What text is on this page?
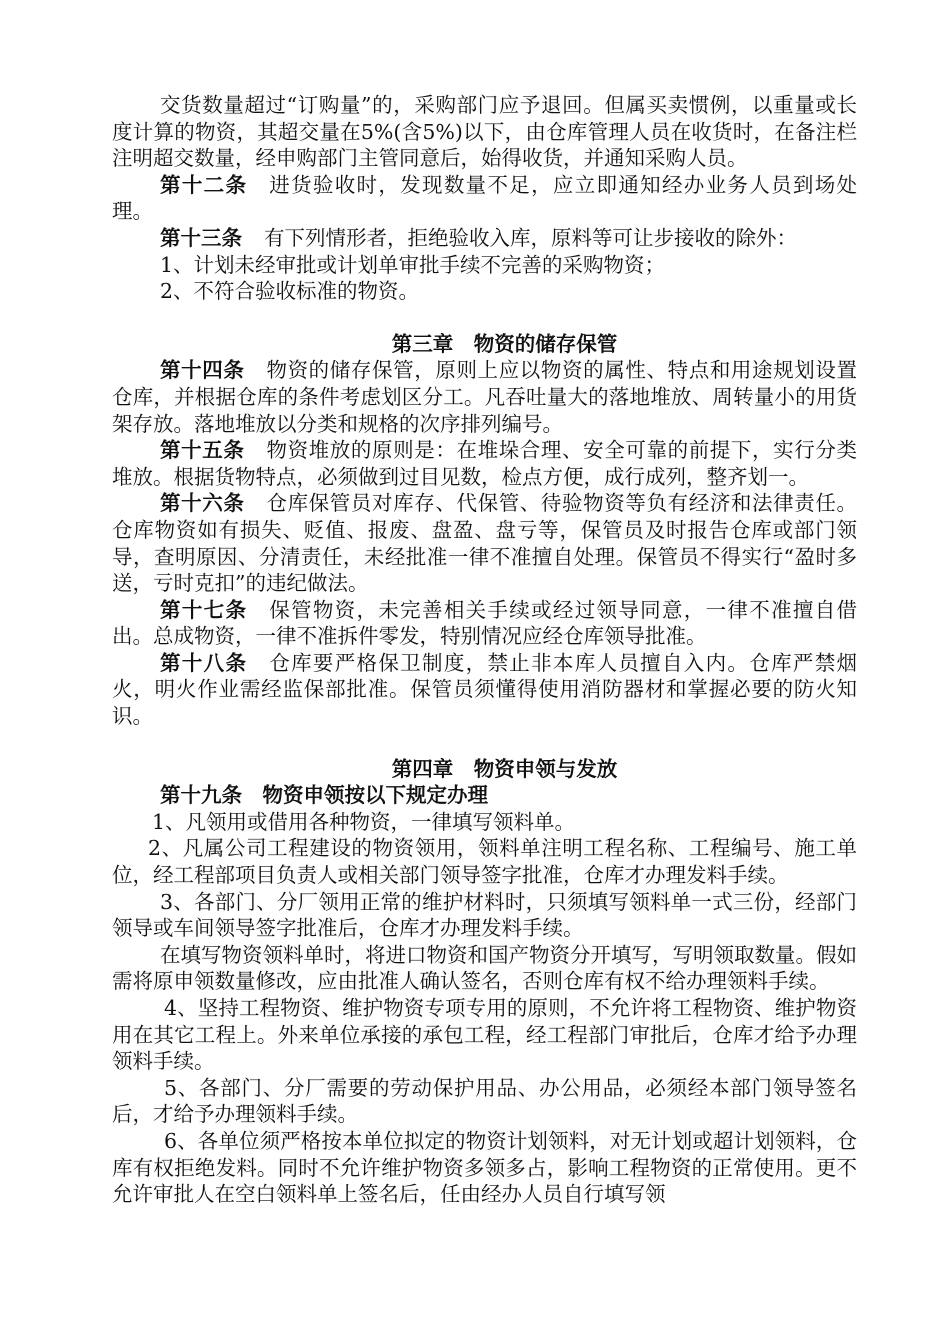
交货数量超过“订购量”的，采购部门应予退回。但属买卖惯例，以重量或长度计算的物资，其超交量在5%(含5%)以下，由仓库管理人员在收货时，在备注栏注明超交数量，经申购部门主管同意后，始得收货，并通知采购人员。

第十二条 进货验收时，发现数量不足，应立即通知经办业务人员到场处理。

第十三条 有下列情形者，拒绝验收入库，原料等可让步接收的除外：

1、计划未经审批或计划单审批手续不完善的采购物资；

2、不符合验收标准的物资。

第三章　物资的储存保管

第十四条 物资的储存保管，原则上应以物资的属性、特点和用途规划设置仓库，并根据仓库的条件考虑划区分工。凡吞吐量大的落地堆放、周转量小的用货架存放。落地堆放以分类和规格的次序排列编号。

第十五条 物资堆放的原则是：在堆垛合理、安全可靠的前提下，实行分类堆放。根据货物特点，必须做到过目见数，检点方便，成行成列，整齐划一。

第十六条 仓库保管员对库存、代保管、待验物资等负有经济和法律责任。仓库物资如有损失、贬值、报废、盘盈、盘亏等，保管员及时报告仓库或部门领导，查明原因、分清责任，未经批准一律不准擅自处理。保管员不得实行“盈时多送，亏时克扣”的违纪做法。

第十七条 保管物资，未完善相关手续或经过领导同意，一律不准擅自借出。总成物资，一律不准拆件零发，特别情况应经仓库领导批准。

第十八条 仓库要严格保卫制度，禁止非本库人员擅自入内。仓库严禁烟火，明火作业需经监保部批准。保管员须懂得使用消防器材和掌握必要的防火知识。

第四章　物资申领与发放

第十九条　物资申领按以下规定办理

1、凡领用或借用各种物资，一律填写领料单。

2、凡属公司工程建设的物资领用，领料单注明工程名称、工程编号、施工单位，经工程部项目负责人或相关部门领导签字批准，仓库才办理发料手续。

3、各部门、分厂领用正常的维护材料时，只须填写领料单一式三份，经部门领导或车间领导签字批准后，仓库才办理发料手续。

在填写物资领料单时，将进口物资和国产物资分开填写，写明领取数量。假如需将原申领数量修改，应由批准人确认签名，否则仓库有权不给办理领料手续。

4、坚持工程物资、维护物资专项专用的原则，不允许将工程物资、维护物资用在其它工程上。外来单位承接的承包工程，经工程部门审批后，仓库才给予办理领料手续。

5、各部门、分厂需要的劳动保护用品、办公用品，必须经本部门领导签名后，才给予办理领料手续。

6、各单位须严格按本单位拟定的物资计划领料，对无计划或超计划领料，仓库有权拒绝发料。同时不允许维护物资多领多占，影响工程物资的正常使用。更不允许审批人在空白领料单上签名后，任由经办人员自行填写领
